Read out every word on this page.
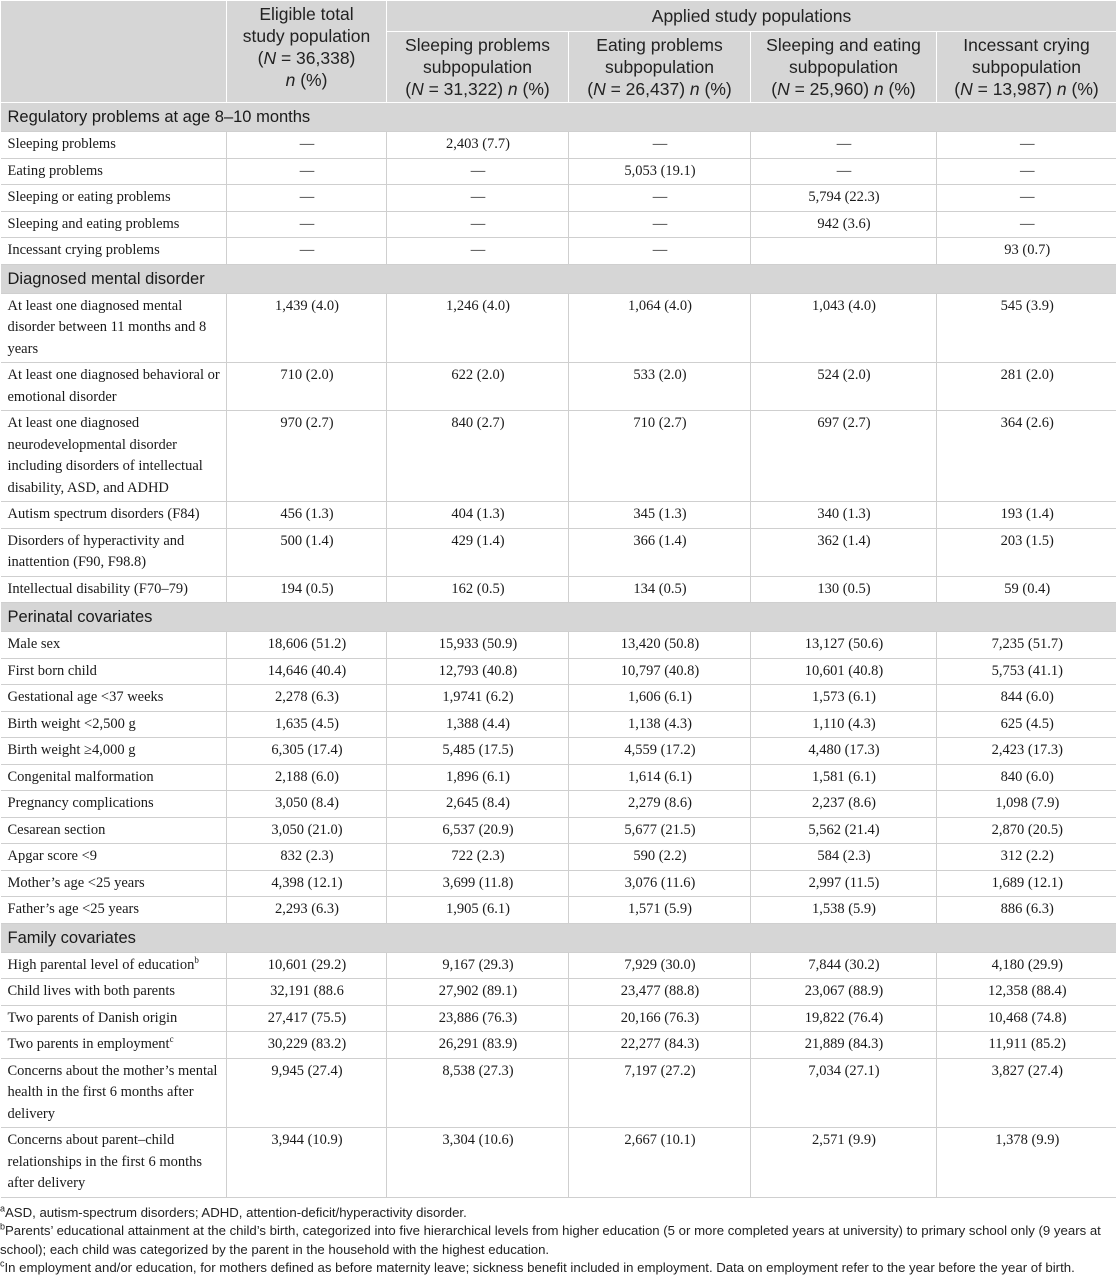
	Eligible total
study population
(N = 36,338)
n (%)	Applied study populations			
		Sleeping problems
subpopulation
(N = 31,322) n (%)	Eating problems
subpopulation
(N = 26,437) n (%)	Sleeping and eating
subpopulation
(N = 25,960) n (%)	Incessant crying
subpopulation
(N = 13,987) n (%)
Regulatory problems at age 8–10 months					
Sleeping problems	—	2,403 (7.7)	—	—	—
Eating problems	—	—	5,053 (19.1)	—	—
Sleeping or eating problems	—	—	—	5,794 (22.3)	—
Sleeping and eating problems	—	—	—	942 (3.6)	—
Incessant crying problems	—	—	—		93 (0.7)
Diagnosed mental disorder					
At least one diagnosed mental disorder between 11 months and 8 years	1,439 (4.0)	1,246 (4.0)	1,064 (4.0)	1,043 (4.0)	545 (3.9)
At least one diagnosed behavioral or emotional disorder	710 (2.0)	622 (2.0)	533 (2.0)	524 (2.0)	281 (2.0)
At least one diagnosed neurodevelopmental disorder including disorders of intellectual disability, ASD, and ADHD	970 (2.7)	840 (2.7)	710 (2.7)	697 (2.7)	364 (2.6)
Autism spectrum disorders (F84)	456 (1.3)	404 (1.3)	345 (1.3)	340 (1.3)	193 (1.4)
Disorders of hyperactivity and inattention (F90, F98.8)	500 (1.4)	429 (1.4)	366 (1.4)	362 (1.4)	203 (1.5)
Intellectual disability (F70–79)	194 (0.5)	162 (0.5)	134 (0.5)	130 (0.5)	59 (0.4)
Perinatal covariates					
Male sex	18,606 (51.2)	15,933 (50.9)	13,420 (50.8)	13,127 (50.6)	7,235 (51.7)
First born child	14,646 (40.4)	12,793 (40.8)	10,797 (40.8)	10,601 (40.8)	5,753 (41.1)
Gestational age <37 weeks	2,278 (6.3)	1,9741 (6.2)	1,606 (6.1)	1,573 (6.1)	844 (6.0)
Birth weight <2,500 g	1,635 (4.5)	1,388 (4.4)	1,138 (4.3)	1,110 (4.3)	625 (4.5)
Birth weight ≥4,000 g	6,305 (17.4)	5,485 (17.5)	4,559 (17.2)	4,480 (17.3)	2,423 (17.3)
Congenital malformation	2,188 (6.0)	1,896 (6.1)	1,614 (6.1)	1,581 (6.1)	840 (6.0)
Pregnancy complications	3,050 (8.4)	2,645 (8.4)	2,279 (8.6)	2,237 (8.6)	1,098 (7.9)
Cesarean section	3,050 (21.0)	6,537 (20.9)	5,677 (21.5)	5,562 (21.4)	2,870 (20.5)
Apgar score <9	832 (2.3)	722 (2.3)	590 (2.2)	584 (2.3)	312 (2.2)
Mother’s age <25 years	4,398 (12.1)	3,699 (11.8)	3,076 (11.6)	2,997 (11.5)	1,689 (12.1)
Father’s age <25 years	2,293 (6.3)	1,905 (6.1)	1,571 (5.9)	1,538 (5.9)	886 (6.3)
Family covariates					
High parental level of education$^b$	10,601 (29.2)	9,167 (29.3)	7,929 (30.0)	7,844 (30.2)	4,180 (29.9)
Child lives with both parents	32,191 (88.6	27,902 (89.1)	23,477 (88.8)	23,067 (88.9)	12,358 (88.4)
Two parents of Danish origin	27,417 (75.5)	23,886 (76.3)	20,166 (76.3)	19,822 (76.4)	10,468 (74.8)
Two parents in employment$^c$	30,229 (83.2)	26,291 (83.9)	22,277 (84.3)	21,889 (84.3)	11,911 (85.2)
Concerns about the mother’s mental health in the first 6 months after delivery	9,945 (27.4)	8,538 (27.3)	7,197 (27.2)	7,034 (27.1)	3,827 (27.4)
Concerns about parent–child relationships in the first 6 months after delivery	3,944 (10.9)	3,304 (10.6)	2,667 (10.1)	2,571 (9.9)	1,378 (9.9)

$^a$ASD, autism-spectrum disorders; ADHD, attention-deficit/hyperactivity disorder.

$^b$Parents’ educational attainment at the child’s birth, categorized into five hierarchical levels from higher education (5 or more completed years at university) to primary school only (9 years at school); each child was categorized by the parent in the household with the highest education.

$^c$In employment and/or education, for mothers defined as before maternity leave; sickness benefit included in employment. Data on employment refer to the year before the year of birth.
